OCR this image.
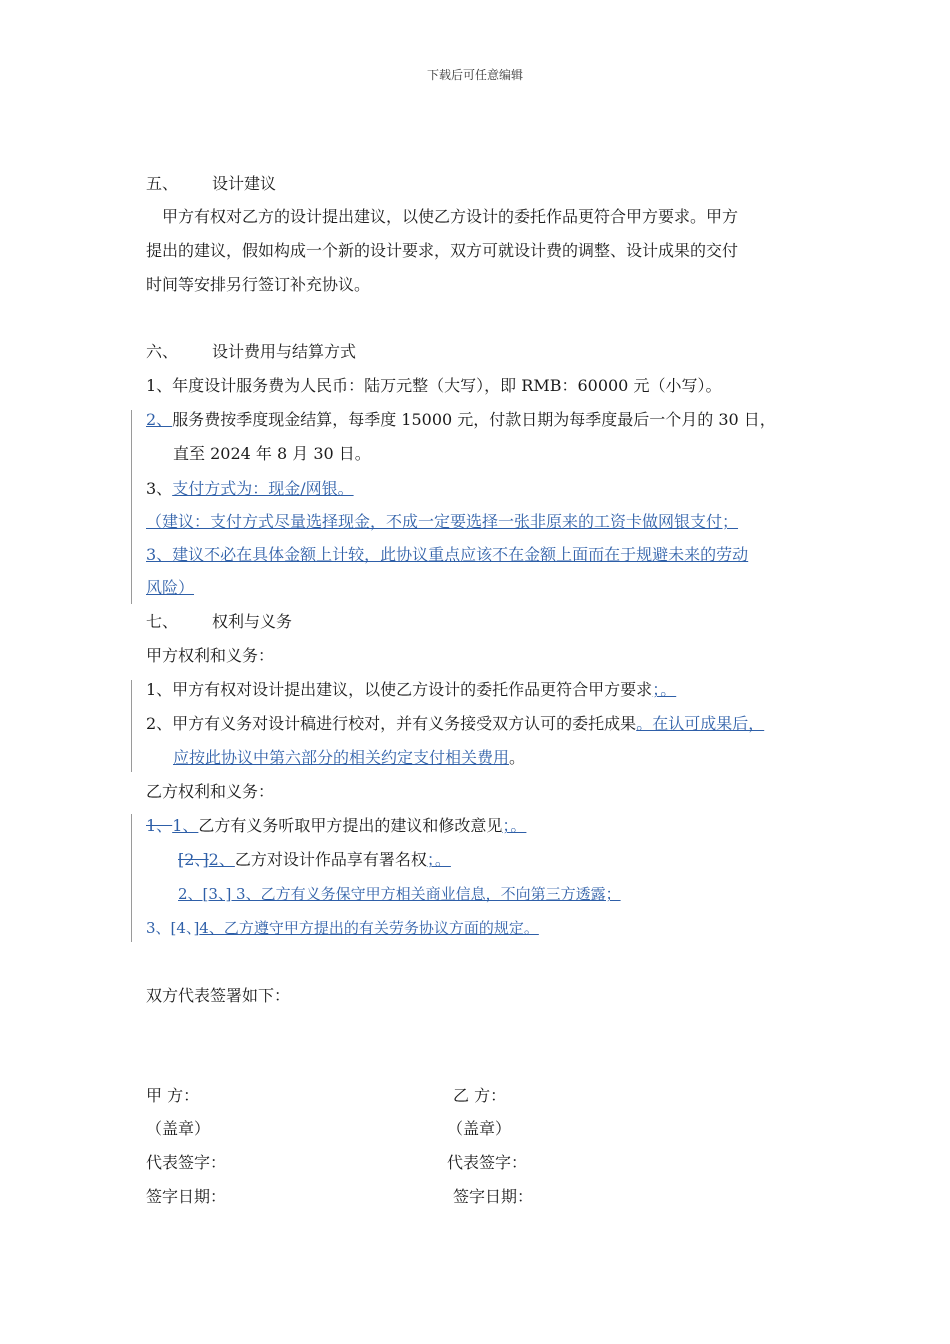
下载后可任意编辑
五、 设计建议
甲方有权对乙方的设计提出建议，以使乙方设计的委托作品更符合甲方要求。甲方
提出的建议，假如构成一个新的设计要求，双方可就设计费的调整、设计成果的交付
时间等安排另行签订补充协议。
六、 设计费用与结算方式
1、年度设计服务费为人民币：陆万元整（大写），即 RMB：60000 元（小写）。
2、服务费按季度现金结算，每季度 15000 元，付款日期为每季度最后一个月的 30 日，
直至 2024 年 8 月 30 日。
3、支付方式为：现金/网银。
（建议：支付方式尽量选择现金，不成一定要选择一张非原来的工资卡做网银支付；
3、建议不必在具体金额上计较，此协议重点应该不在金额上面而在于规避未来的劳动
风险）
七、 权利与义务
甲方权利和义务：
1、甲方有权对设计提出建议，以使乙方设计的委托作品更符合甲方要求；。
2、甲方有义务对设计稿进行校对，并有义务接受双方认可的委托成果。在认可成果后，
应按此协议中第六部分的相关约定支付相关费用。
乙方权利和义务：
1、1、乙方有义务听取甲方提出的建议和修改意见；。
[2、]2、乙方对设计作品享有署名权；。
2、[3、] 3、乙方有义务保守甲方相关商业信息，不向第三方透露；
3、[4、]4、乙方遵守甲方提出的有关劳务协议方面的规定。
双方代表签署如下：
甲 方：	乙 方：
（盖章）	（盖章）
代表签字：	代表签字：
签字日期：	签字日期：
